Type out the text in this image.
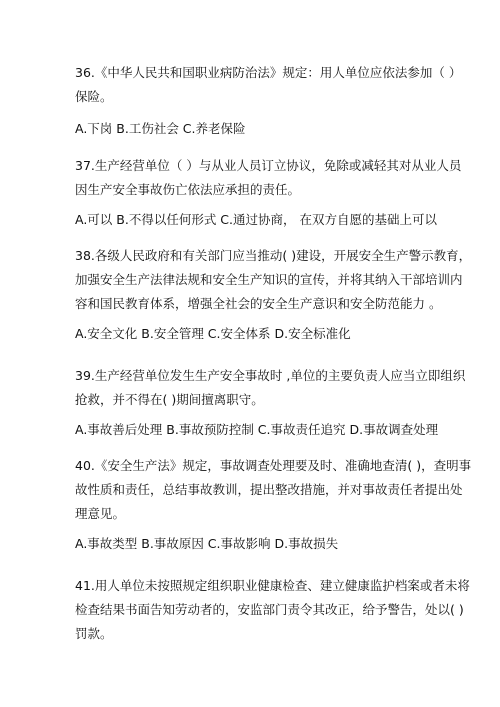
36.《中华人民共和国职业病防治法》规定：用人单位应依法参加（ ）
保险。
A.下岗 B.工伤社会 C.养老保险
37.生产经营单位（ ）与从业人员订立协议，免除或减轻其对从业人员
因生产安全事故伤亡依法应承担的责任。
A.可以 B.不得以任何形式 C.通过协商， 在双方自愿的基础上可以
38.各级人民政府和有关部门应当推动( )建设，开展安全生产警示教育，
加强安全生产法律法规和安全生产知识的宣传，并将其纳入干部培训内
容和国民教育体系，增强全社会的安全生产意识和安全防范能力 。
A.安全文化 B.安全管理 C.安全体系 D.安全标准化
39.生产经营单位发生生产安全事故时 ,单位的主要负责人应当立即组织
抢救，并不得在( )期间擅离职守。
A.事故善后处理 B.事故预防控制 C.事故责任追究 D.事故调查处理
40.《安全生产法》规定，事故调查处理要及时、准确地查清( )，查明事
故性质和责任，总结事故教训，提出整改措施，并对事故责任者提出处
理意见。
A.事故类型 B.事故原因 C.事故影响 D.事故损失
41.用人单位未按照规定组织职业健康检查、建立健康监护档案或者未将
检查结果书面告知劳动者的，安监部门责令其改正，给予警告，处以( )
罚款。
